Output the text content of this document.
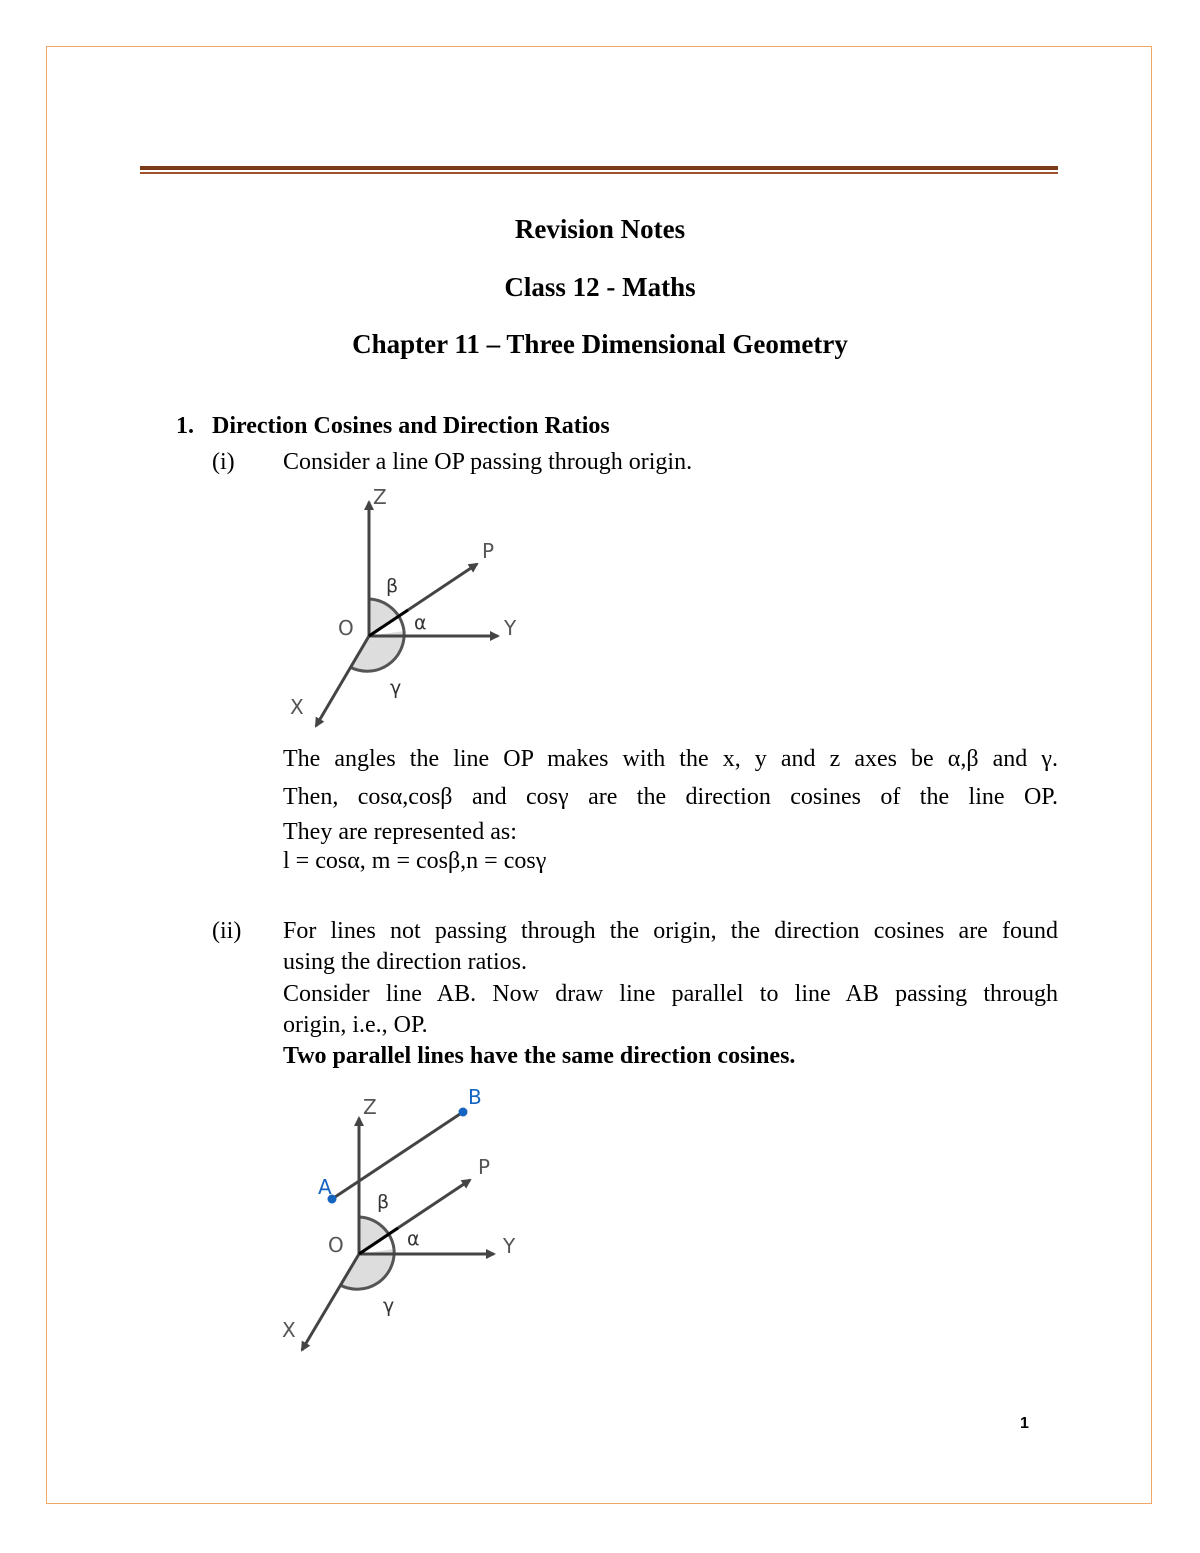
Revision Notes
Class 12 - Maths
Chapter 11 – Three Dimensional Geometry
1. Direction Cosines and Direction Ratios
(i) Consider a line OP passing through origin.
Z
P
β
O	α	Y
γ
X
The angles the line OP makes with the x, y and z axes be α,β and γ.
Then, cosα,cosβ and cosγ are the direction cosines of the line OP.
They are represented as:
l = cosα, m = cosβ,n = cosγ
(ii) For lines not passing through the origin, the direction cosines are found
using the direction ratios.
Consider line AB. Now draw line parallel to line AB passing through
origin, i.e., OP.
Two parallel lines have the same direction cosines.
Z	B
P
A
β
O	α	Y
γ
X
1
